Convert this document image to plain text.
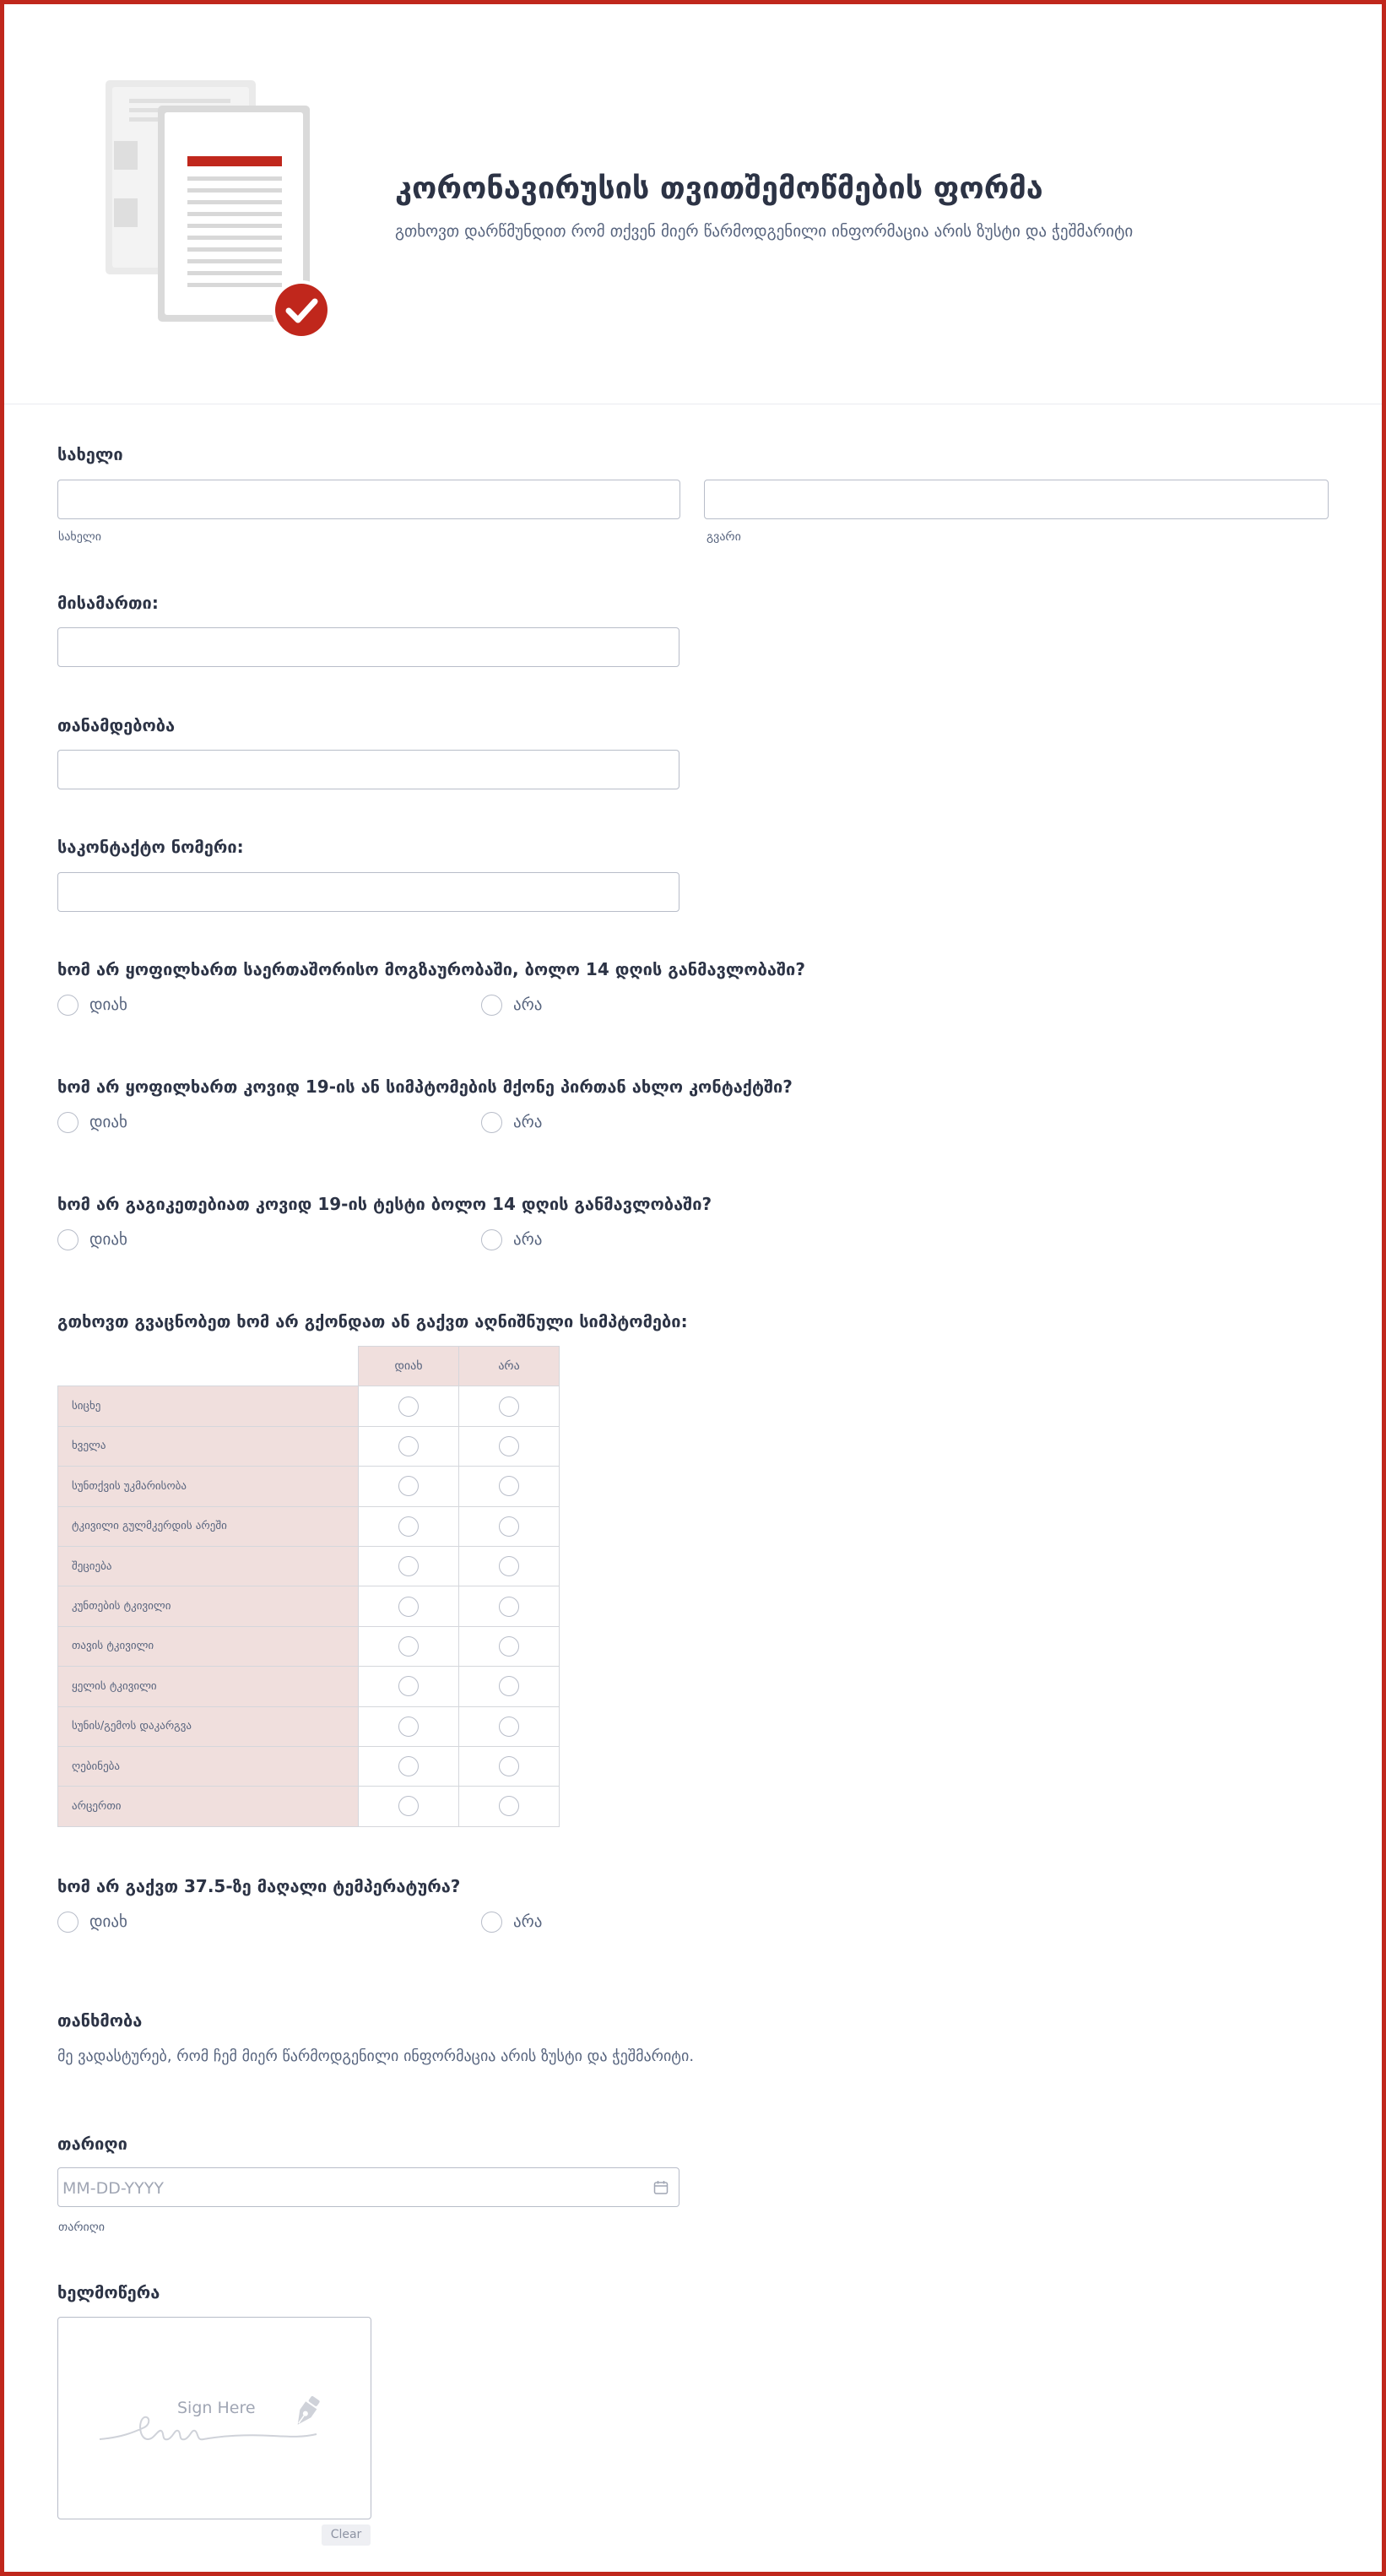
კორონავირუსის თვითშემოწმების ფორმა
გთხოვთ დარწმუნდით რომ თქვენ მიერ წარმოდგენილი ინფორმაცია არის ზუსტი და ჭეშმარიტი
სახელი
სახელი	გვარი
მისამართი:
თანამდებობა
საკონტაქტო ნომერი:
ხომ არ ყოფილხართ საერთაშორისო მოგზაურობაში, ბოლო 14 დღის განმავლობაში?
დიახ	არა
ხომ არ ყოფილხართ კოვიდ 19-ის ან სიმპტომების მქონე პირთან ახლო კონტაქტში?
დიახ	არა
ხომ არ გაგიკეთებიათ კოვიდ 19-ის ტესტი ბოლო 14 დღის განმავლობაში?
დიახ	არა
გთხოვთ გვაცნობეთ ხომ არ გქონდათ ან გაქვთ აღნიშნული სიმპტომები:
	დიახ	არა
სიცხე		
ხველა		
სუნთქვის უკმარისობა		
ტკივილი გულმკერდის არეში		
შეციება		
კუნთების ტკივილი		
თავის ტკივილი		
ყელის ტკივილი		
სუნის/გემოს დაკარგვა		
ღებინება		
არცერთი		
ხომ არ გაქვთ 37.5-ზე მაღალი ტემპერატურა?
დიახ	არა
თანხმობა
მე ვადასტურებ, რომ ჩემ მიერ წარმოდგენილი ინფორმაცია არის ზუსტი და ჭეშმარიტი.
თარიღი
MM-DD-YYYY
თარიღი
ხელმოწერა
Sign Here
Clear
